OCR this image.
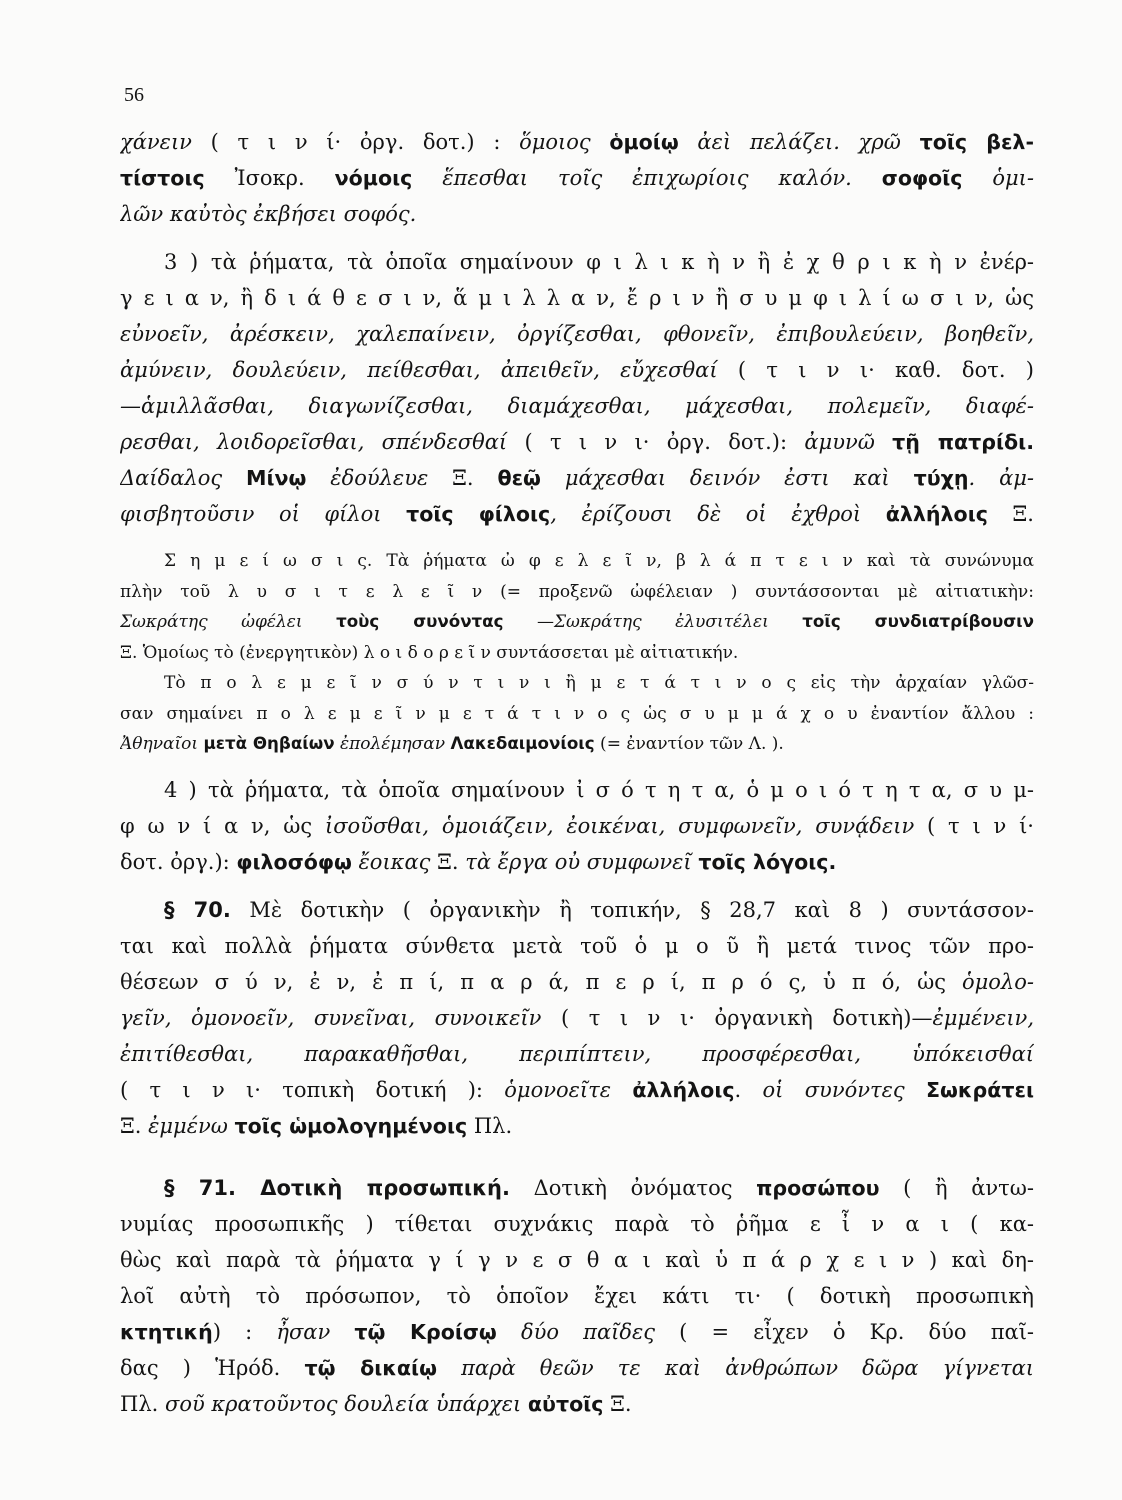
56
χάνειν ( τ ι ν ί· ὀργ. δοτ.) : ὅμοιος ὁμοίῳ ἀεὶ πελάζει. χρῶ τοῖς βελ-
τίστοις Ἰσοκρ. νόμοις ἕπεσθαι τοῖς ἐπιχωρίοις καλόν. σοφοῖς ὁμι-
λῶν καὐτὸς ἐκβήσει σοφός.
3 ) τὰ ῥήματα, τὰ ὁποῖα σημαίνουν φ ι λ ι κ ὴ ν ἢ ἐ χ θ ρ ι κ ὴ ν ἐνέρ-
γ ε ι α ν, ἢ δ ι ά θ ε σ ι ν, ἅ μ ι λ λ α ν, ἔ ρ ι ν ἢ σ υ μ φ ι λ ί ω σ ι ν, ὡς
εὐνοεῖν, ἀρέσκειν, χαλεπαίνειν, ὀργίζεσθαι, φθονεῖν, ἐπιβουλεύειν, βοηθεῖν,
ἀμύνειν, δουλεύειν, πείθεσθαι, ἀπειθεῖν, εὔχεσθαί ( τ ι ν ι· καθ. δοτ. )
—ἁμιλλᾶσθαι, διαγωνίζεσθαι, διαμάχεσθαι, μάχεσθαι, πολεμεῖν, διαφέ-
ρεσθαι, λοιδορεῖσθαι, σπένδεσθαί ( τ ι ν ι· ὀργ. δοτ.): ἀμυνῶ τῇ πατρίδι.
Δαίδαλος Μίνῳ ἐδούλευε Ξ. θεῷ μάχεσθαι δεινόν ἐστι καὶ τύχῃ. ἀμ-
φισβητοῦσιν οἱ φίλοι τοῖς φίλοις, ἐρίζουσι δὲ οἱ ἐχθροὶ ἀλλήλοις Ξ.
Σ η μ ε ί ω σ ι ς. Τὰ ῥήματα ὠ φ ε λ ε ῖ ν, β λ ά π τ ε ι ν καὶ τὰ συνώνυμα
πλὴν τοῦ λ υ σ ι τ ε λ ε ῖ ν (= προξενῶ ὠφέλειαν ) συντάσσονται μὲ αἰτιατικὴν:
Σωκράτης ὠφέλει τοὺς συνόντας —Σωκράτης ἐλυσιτέλει τοῖς συνδιατρίβουσιν
Ξ. Ὁμοίως τὸ (ἐνεργητικὸν) λ ο ι δ ο ρ ε ῖ ν συντάσσεται μὲ αἰτιατικήν.
Τὸ π ο λ ε μ ε ῖ ν σ ύ ν τ ι ν ι ἢ μ ε τ ά τ ι ν ο ς εἰς τὴν ἀρχαίαν γλῶσ-
σαν σημαίνει π ο λ ε μ ε ῖ ν μ ε τ ά τ ι ν ο ς ὡς σ υ μ μ ά χ ο υ ἐναντίον ἄλλου :
Ἀθηναῖοι μετὰ Θηβαίων ἐπολέμησαν Λακεδαιμονίοις (= ἐναντίον τῶν Λ. ).
4 ) τὰ ῥήματα, τὰ ὁποῖα σημαίνουν ἰ σ ό τ η τ α, ὁ μ ο ι ό τ η τ α, σ υ μ-
φ ω ν ί α ν, ὡς ἰσοῦσθαι, ὁμοιάζειν, ἐοικέναι, συμφωνεῖν, συνᾴδειν ( τ ι ν ί·
δοτ. ὀργ.): φιλοσόφῳ ἔοικας Ξ. τὰ ἔργα οὐ συμφωνεῖ τοῖς λόγοις.
§ 70. Μὲ δοτικὴν ( ὀργανικὴν ἢ τοπικήν, § 28,7 καὶ 8 ) συντάσσον-
ται καὶ πολλὰ ῥήματα σύνθετα μετὰ τοῦ ὁ μ ο ῦ ἢ μετά τινος τῶν προ-
θέσεων σ ύ ν, ἐ ν, ἐ π ί, π α ρ ά, π ε ρ ί, π ρ ό ς, ὑ π ό, ὡς ὁμολο-
γεῖν, ὁμονοεῖν, συνεῖναι, συνοικεῖν ( τ ι ν ι· ὀργανικὴ δοτικὴ)—ἐμμένειν,
ἐπιτίθεσθαι, παρακαθῆσθαι, περιπίπτειν, προσφέρεσθαι, ὑπόκεισθαί
( τ ι ν ι· τοπικὴ δοτική ): ὁμονοεῖτε ἀλλήλοις. οἱ συνόντες Σωκράτει
Ξ. ἐμμένω τοῖς ὡμολογημένοις Πλ.
§ 71. Δοτικὴ προσωπική. Δοτικὴ ὀνόματος προσώπου ( ἢ ἀντω-
νυμίας προσωπικῆς ) τίθεται συχνάκις παρὰ τὸ ῥῆμα ε ἶ ν α ι ( κα-
θὼς καὶ παρὰ τὰ ῥήματα γ ί γ ν ε σ θ α ι καὶ ὑ π ά ρ χ ε ι ν ) καὶ δη-
λοῖ αὐτὴ τὸ πρόσωπον, τὸ ὁποῖον ἔχει κάτι τι· ( δοτικὴ προσωπικὴ
κτητική) : ἦσαν τῷ Κροίσῳ δύο παῖδες ( = εἶχεν ὁ Κρ. δύο παῖ-
δας ) Ἡρόδ. τῷ δικαίῳ παρὰ θεῶν τε καὶ ἀνθρώπων δῶρα γίγνεται
Πλ. σοῦ κρατοῦντος δουλεία ὑπάρχει αὐτοῖς Ξ.
